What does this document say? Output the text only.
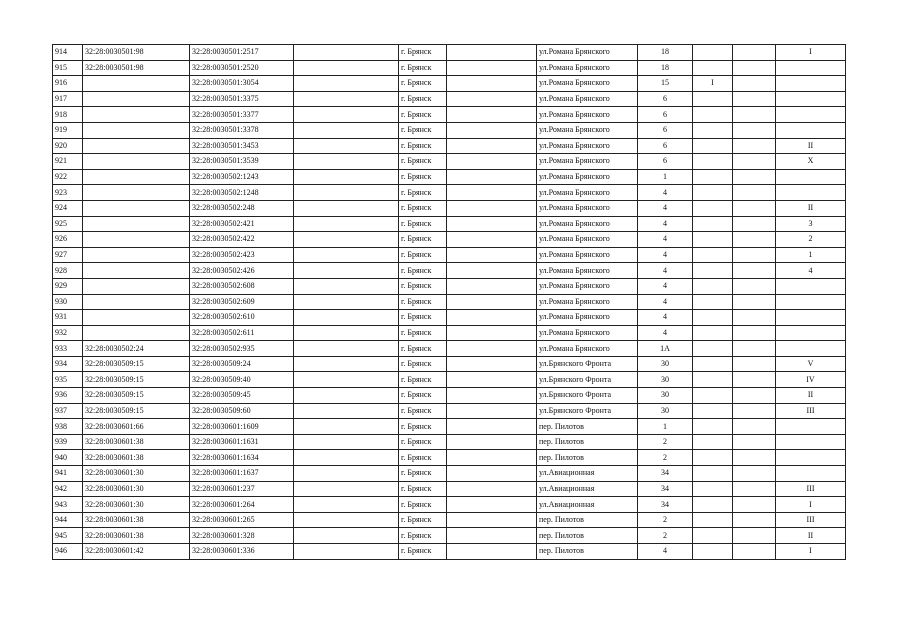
914	32:28:0030501:98	32:28:0030501:2517		г. Брянск		ул.Романа Брянского	18			I
915	32:28:0030501:98	32:28:0030501:2520		г. Брянск		ул.Романа Брянского	18			
916		32:28:0030501:3054		г. Брянск		ул.Романа Брянского	15	I		
917		32:28:0030501:3375		г. Брянск		ул.Романа Брянского	6			
918		32:28:0030501:3377		г. Брянск		ул.Романа Брянского	6			
919		32:28:0030501:3378		г. Брянск		ул.Романа Брянского	6			
920		32:28:0030501:3453		г. Брянск		ул.Романа Брянского	6			II
921		32:28:0030501:3539		г. Брянск		ул.Романа Брянского	6			X
922		32:28:0030502:1243		г. Брянск		ул.Романа Брянского	1			
923		32:28:0030502:1248		г. Брянск		ул.Романа Брянского	4			
924		32:28:0030502:248		г. Брянск		ул.Романа Брянского	4			II
925		32:28:0030502:421		г. Брянск		ул.Романа Брянского	4			3
926		32:28:0030502:422		г. Брянск		ул.Романа Брянского	4			2
927		32:28:0030502:423		г. Брянск		ул.Романа Брянского	4			1
928		32:28:0030502:426		г. Брянск		ул.Романа Брянского	4			4
929		32:28:0030502:608		г. Брянск		ул.Романа Брянского	4			
930		32:28:0030502:609		г. Брянск		ул.Романа Брянского	4			
931		32:28:0030502:610		г. Брянск		ул.Романа Брянского	4			
932		32:28:0030502:611		г. Брянск		ул.Романа Брянского	4			
933	32:28:0030502:24	32:28:0030502:935		г. Брянск		ул.Романа Брянского	1А			
934	32:28:0030509:15	32:28:0030509:24		г. Брянск		ул.Брянского Фронта	30			V
935	32:28:0030509:15	32:28:0030509:40		г. Брянск		ул.Брянского Фронта	30			IV
936	32:28:0030509:15	32:28:0030509:45		г. Брянск		ул.Брянского Фронта	30			II
937	32:28:0030509:15	32:28:0030509:60		г. Брянск		ул.Брянского Фронта	30			III
938	32:28:0030601:66	32:28:0030601:1609		г. Брянск		пер. Пилотов	1			
939	32:28:0030601:38	32:28:0030601:1631		г. Брянск		пер. Пилотов	2			
940	32:28:0030601:38	32:28:0030601:1634		г. Брянск		пер. Пилотов	2			
941	32:28:0030601:30	32:28:0030601:1637		г. Брянск		ул.Авиационная	34			
942	32:28:0030601:30	32:28:0030601:237		г. Брянск		ул.Авиационная	34			III
943	32:28:0030601:30	32:28:0030601:264		г. Брянск		ул.Авиационная	34			I
944	32:28:0030601:38	32:28:0030601:265		г. Брянск		пер. Пилотов	2			III
945	32:28:0030601:38	32:28:0030601:328		г. Брянск		пер. Пилотов	2			II
946	32:28:0030601:42	32:28:0030601:336		г. Брянск		пер. Пилотов	4			I
